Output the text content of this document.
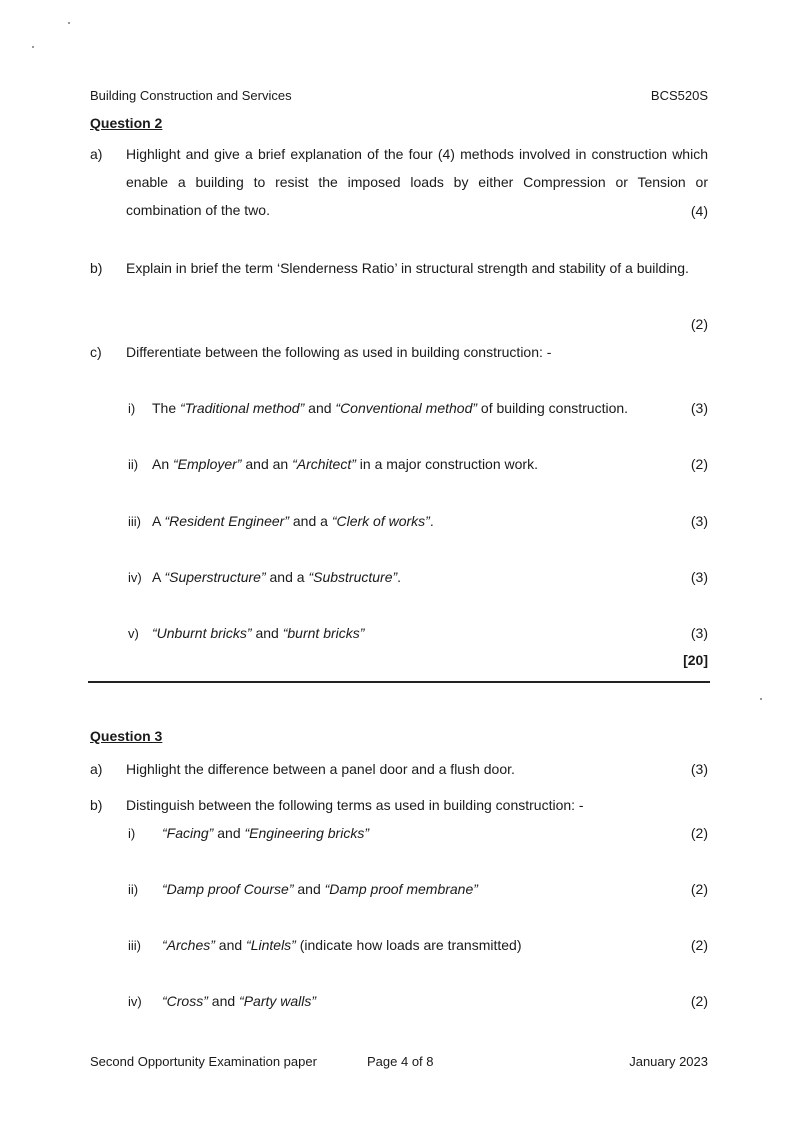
Building Construction and Services	BCS520S
Question 2
a) Highlight and give a brief explanation of the four (4) methods involved in construction which enable a building to resist the imposed loads by either Compression or Tension or combination of the two.	(4)
b) Explain in brief the term ‘Slenderness Ratio’ in structural strength and stability of a building.
(2)
c) Differentiate between the following as used in building construction: -
i) The “Traditional method” and “Conventional method” of building construction.	(3)
ii) An “Employer” and an “Architect” in a major construction work.	(2)
iii) A “Resident Engineer” and a “Clerk of works”.	(3)
iv) A “Superstructure” and a “Substructure”.	(3)
v) “Unburnt bricks” and “burnt bricks”	(3)
[20]
Question 3
a) Highlight the difference between a panel door and a flush door.	(3)
b) Distinguish between the following terms as used in building construction: -
i) “Facing” and “Engineering bricks”	(2)
ii) “Damp proof Course” and “Damp proof membrane”	(2)
iii) “Arches” and “Lintels” (indicate how loads are transmitted)	(2)
iv) “Cross” and “Party walls”	(2)
Second Opportunity Examination paper	Page 4 of 8	January 2023
